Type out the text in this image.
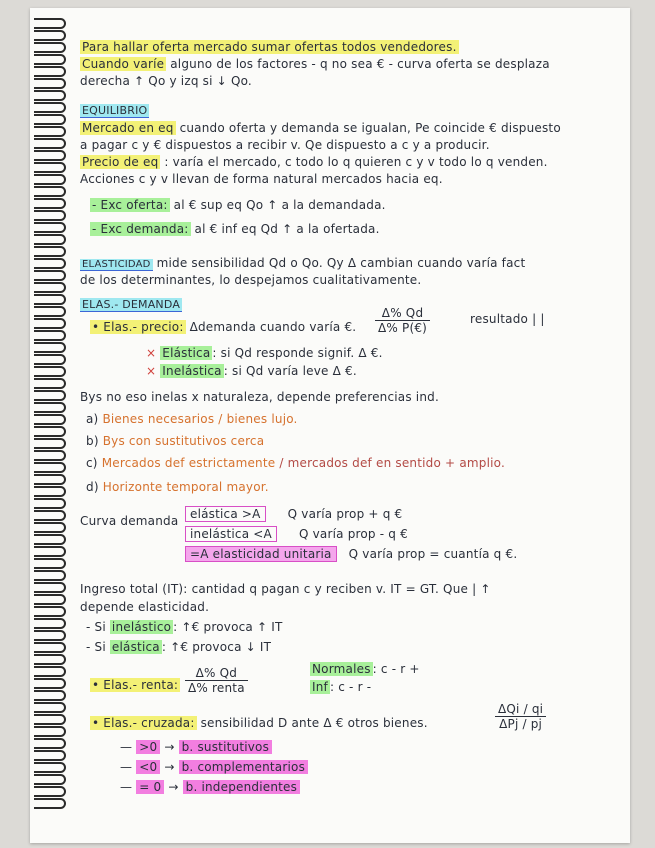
Para hallar oferta mercado sumar ofertas todos vendedores.
Cuando varíe alguno de los factores - q no sea € - curva oferta se desplaza
derecha ↑ Qo y izq si ↓ Qo.
EQUILIBRIO
Mercado en eq cuando oferta y demanda se igualan, Pe coincide € dispuesto
a pagar c y € dispuestos a recibir v. Qe dispuesto a c y a producir.
Precio de eq : varía el mercado, c todo lo q quieren c y v todo lo q venden.
Acciones c y v llevan de forma natural mercados hacia eq.
- Exc oferta: al € sup eq Qo ↑ a la demandada.
- Exc demanda: al € inf eq Qd ↑ a la ofertada.
ELASTICIDAD mide sensibilidad Qd o Qo. Qy Δ cambian cuando varía fact
de los determinantes, lo despejamos cualitativamente.
ELAS.- DEMANDA
• Elas.- precio: Δdemanda cuando varía €. $\frac{\Delta\% Qd}{\Delta\% P(€)}$	resultado | |
× Elástica : si Qd responde signif. Δ €.
× Inelástica : si Qd varía leve Δ €.
Bys no eso inelas x naturaleza, depende preferencias ind.
a) Bienes necesarios / bienes lujo.
b) Bys con sustitutivos cerca
c) Mercados def estrictamente / mercados def en sentido + amplio.
d) Horizonte temporal mayor.
Curva demanda elástica >A Q varía prop + q €
inelástica <A Q varía prop - q €
=A elasticidad unitaria Q varía prop = cuantía q €.
Ingreso total (IT): cantidad q pagan c y reciben v. IT = GT. Que | ↑
depende elasticidad.
- Si inelástico : ↑€ provoca ↑ IT
- Si elástica : ↑€ provoca ↓ IT
• Elas.- renta: $\frac{\Delta\% Qd}{\text{Δ\% renta}}$	Normales : c - r +
Inf : c - r -
• Elas.- cruzada: sensibilidad D ante Δ € otros bienes.	$\frac{\text{ΔQi / qi}}{\text{ΔPj / pj}}$
— >0 → b. sustitutivos
— <0 → b. complementarios
— = 0 → b. independientes
